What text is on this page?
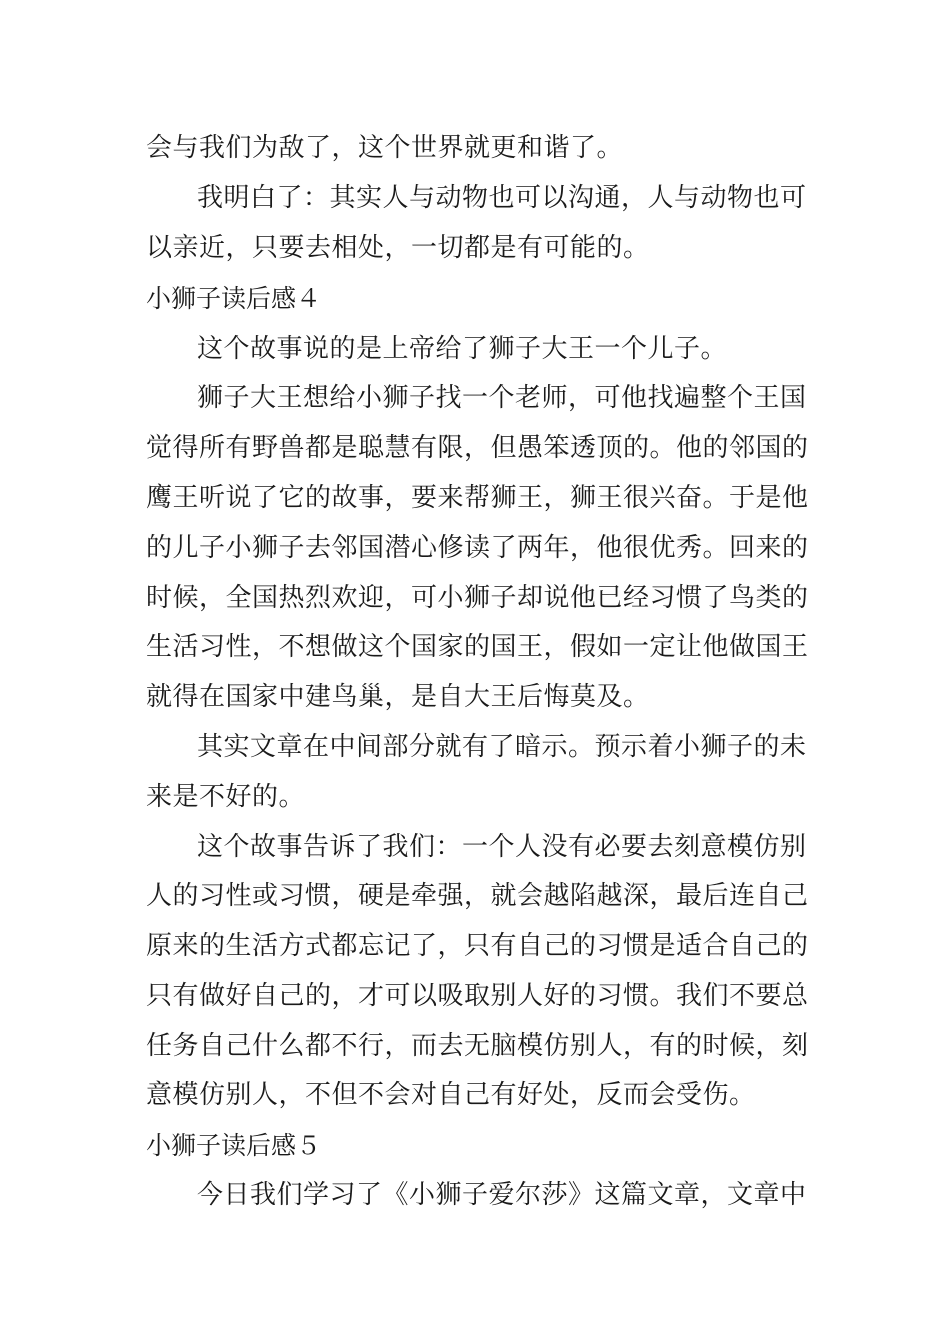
会与我们为敌了，这个世界就更和谐了。
我明白了：其实人与动物也可以沟通，人与动物也可
以亲近，只要去相处，一切都是有可能的。
小狮子读后感４
这个故事说的是上帝给了狮子大王一个儿子。
狮子大王想给小狮子找一个老师，可他找遍整个王国
觉得所有野兽都是聪慧有限，但愚笨透顶的。他的邻国的
鹰王听说了它的故事，要来帮狮王，狮王很兴奋。于是他
的儿子小狮子去邻国潜心修读了两年，他很优秀。回来的
时候，全国热烈欢迎，可小狮子却说他已经习惯了鸟类的
生活习性，不想做这个国家的国王，假如一定让他做国王
就得在国家中建鸟巢，是自大王后悔莫及。
其实文章在中间部分就有了暗示。预示着小狮子的未
来是不好的。
这个故事告诉了我们：一个人没有必要去刻意模仿别
人的习性或习惯，硬是牵强，就会越陷越深，最后连自己
原来的生活方式都忘记了，只有自己的习惯是适合自己的
只有做好自己的，才可以吸取别人好的习惯。我们不要总
任务自己什么都不行，而去无脑模仿别人，有的时候，刻
意模仿别人，不但不会对自己有好处，反而会受伤。
小狮子读后感５
今日我们学习了《小狮子爱尔莎》这篇文章，文章中
